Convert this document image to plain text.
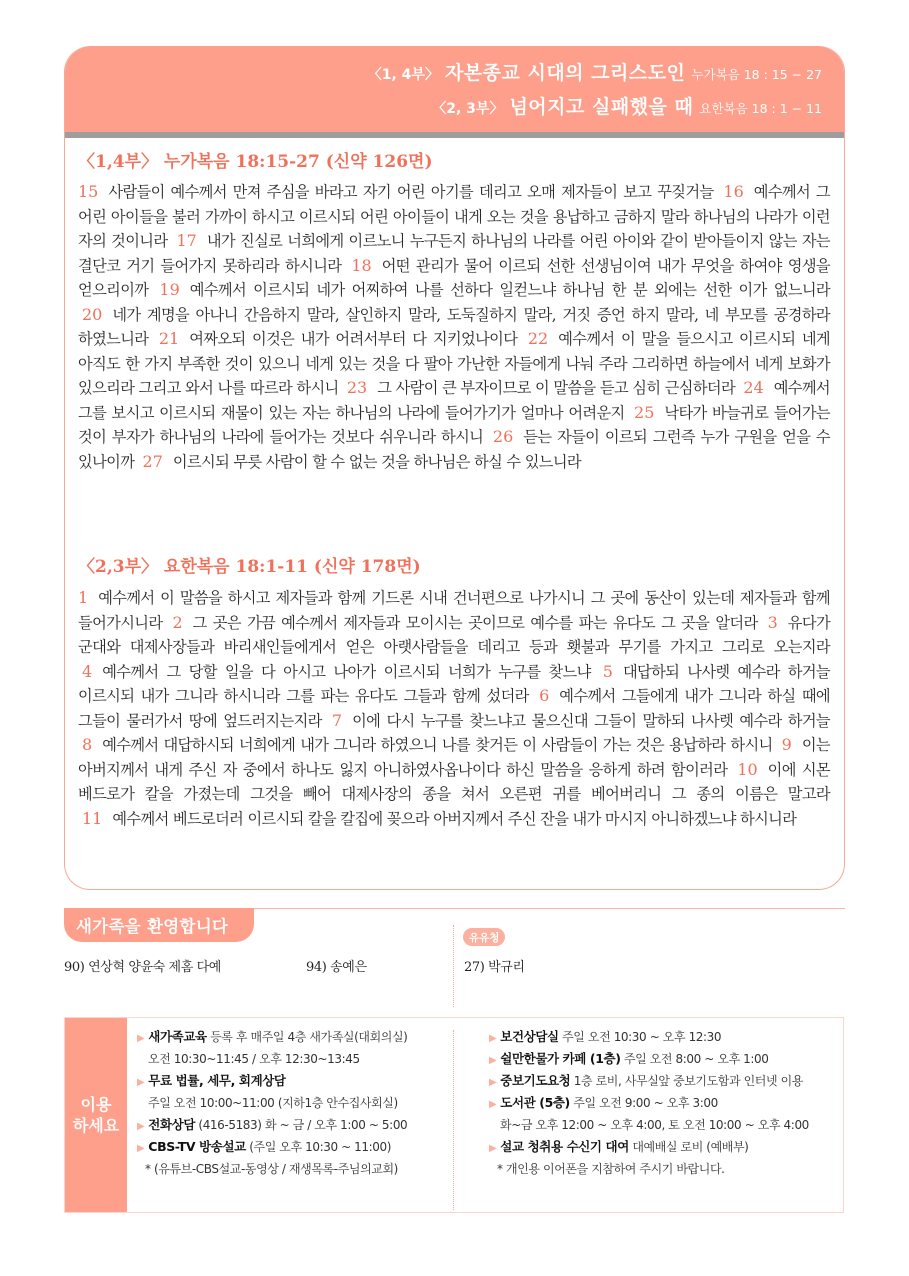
〈1, 4부〉 자본종교 시대의 그리스도인 누가복음 18 : 15 − 27
〈2, 3부〉 넘어지고 실패했을 때 요한복음 18 : 1 − 11
〈1,4부〉 누가복음 18:15-27 (신약 126면)
15 사람들이 예수께서 만져 주심을 바라고 자기 어린 아기를 데리고 오매 제자들이 보고 꾸짖거늘 16 예수께서 그 어린 아이들을 불러 가까이 하시고 이르시되 어린 아이들이 내게 오는 것을 용납하고 금하지 말라 하나님의 나라가 이런 자의 것이니라 17 내가 진실로 너희에게 이르노니 누구든지 하나님의 나라를 어린 아이와 같이 받아들이지 않는 자는 결단코 거기 들어가지 못하리라 하시니라 18 어떤 관리가 물어 이르되 선한 선생님이여 내가 무엇을 하여야 영생을 얻으리이까 19 예수께서 이르시되 네가 어찌하여 나를 선하다 일컫느냐 하나님 한 분 외에는 선한 이가 없느니라 20 네가 계명을 아나니 간음하지 말라, 살인하지 말라, 도둑질하지 말라, 거짓 증언 하지 말라, 네 부모를 공경하라 하였느니라 21 여짜오되 이것은 내가 어려서부터 다 지키었나이다 22 예수께서 이 말을 들으시고 이르시되 네게 아직도 한 가지 부족한 것이 있으니 네게 있는 것을 다 팔아 가난한 자들에게 나눠 주라 그리하면 하늘에서 네게 보화가 있으리라 그리고 와서 나를 따르라 하시니 23 그 사람이 큰 부자이므로 이 말씀을 듣고 심히 근심하더라 24 예수께서 그를 보시고 이르시되 재물이 있는 자는 하나님의 나라에 들어가기가 얼마나 어려운지 25 낙타가 바늘귀로 들어가는 것이 부자가 하나님의 나라에 들어가는 것보다 쉬우니라 하시니 26 듣는 자들이 이르되 그런즉 누가 구원을 얻을 수 있나이까 27 이르시되 무릇 사람이 할 수 없는 것을 하나님은 하실 수 있느니라
〈2,3부〉 요한복음 18:1-11 (신약 178면)
1 예수께서 이 말씀을 하시고 제자들과 함께 기드론 시내 건너편으로 나가시니 그 곳에 동산이 있는데 제자들과 함께 들어가시니라 2 그 곳은 가끔 예수께서 제자들과 모이시는 곳이므로 예수를 파는 유다도 그 곳을 알더라 3 유다가 군대와 대제사장들과 바리새인들에게서 얻은 아랫사람들을 데리고 등과 횃불과 무기를 가지고 그리로 오는지라 4 예수께서 그 당할 일을 다 아시고 나아가 이르시되 너희가 누구를 찾느냐 5 대답하되 나사렛 예수라 하거늘 이르시되 내가 그니라 하시니라 그를 파는 유다도 그들과 함께 섰더라 6 예수께서 그들에게 내가 그니라 하실 때에 그들이 물러가서 땅에 엎드러지는지라 7 이에 다시 누구를 찾느냐고 물으신대 그들이 말하되 나사렛 예수라 하거늘 8 예수께서 대답하시되 너희에게 내가 그니라 하였으니 나를 찾거든 이 사람들이 가는 것은 용납하라 하시니 9 이는 아버지께서 내게 주신 자 중에서 하나도 잃지 아니하였사옵나이다 하신 말씀을 응하게 하려 함이러라 10 이에 시몬 베드로가 칼을 가졌는데 그것을 빼어 대제사장의 종을 쳐서 오른편 귀를 베어버리니 그 종의 이름은 말고라 11 예수께서 베드로더러 이르시되 칼을 칼집에 꽂으라 아버지께서 주신 잔을 내가 마시지 아니하겠느냐 하시니라
새가족을 환영합니다
90) 연상혁 양윤숙 제홈 다예	94) 송예은
유유청
27) 박규리
이용
하세요
▶ 새가족교육 등록 후 매주일 4층 새가족실(대회의실)
오전 10:30~11:45 / 오후 12:30~13:45
▶ 무료 법률, 세무, 회계상담
주일 오전 10:00~11:00 (지하1층 안수집사회실)
▶ 전화상담 (416-5183) 화 ~ 금 / 오후 1:00 ~ 5:00
▶ CBS-TV 방송설교 (주일 오후 10:30 ~ 11:00)
* (유튜브-CBS설교-동영상 / 재생목록-주님의교회)
▶ 보건상담실 주일 오전 10:30 ~ 오후 12:30
▶ 쉴만한물가 카페 (1층) 주일 오전 8:00 ~ 오후 1:00
▶ 중보기도요청 1층 로비, 사무실앞 중보기도함과 인터넷 이용
▶ 도서관 (5층) 주일 오전 9:00 ~ 오후 3:00
화~금 오후 12:00 ~ 오후 4:00, 토 오전 10:00 ~ 오후 4:00
▶ 설교 청취용 수신기 대여 대예배실 로비 (예배부)
* 개인용 이어폰을 지참하여 주시기 바랍니다.
